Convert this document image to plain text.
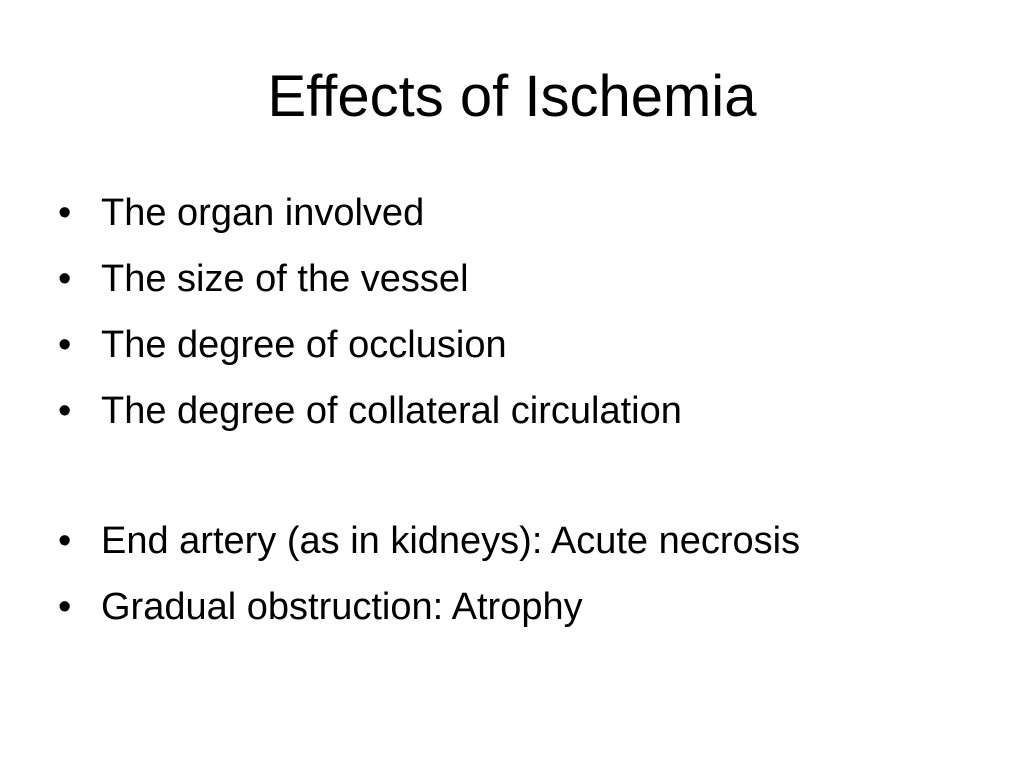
Effects of Ischemia
• The organ involved
• The size of the vessel
• The degree of occlusion
• The degree of collateral circulation
• End artery (as in kidneys): Acute necrosis
• Gradual obstruction: Atrophy
